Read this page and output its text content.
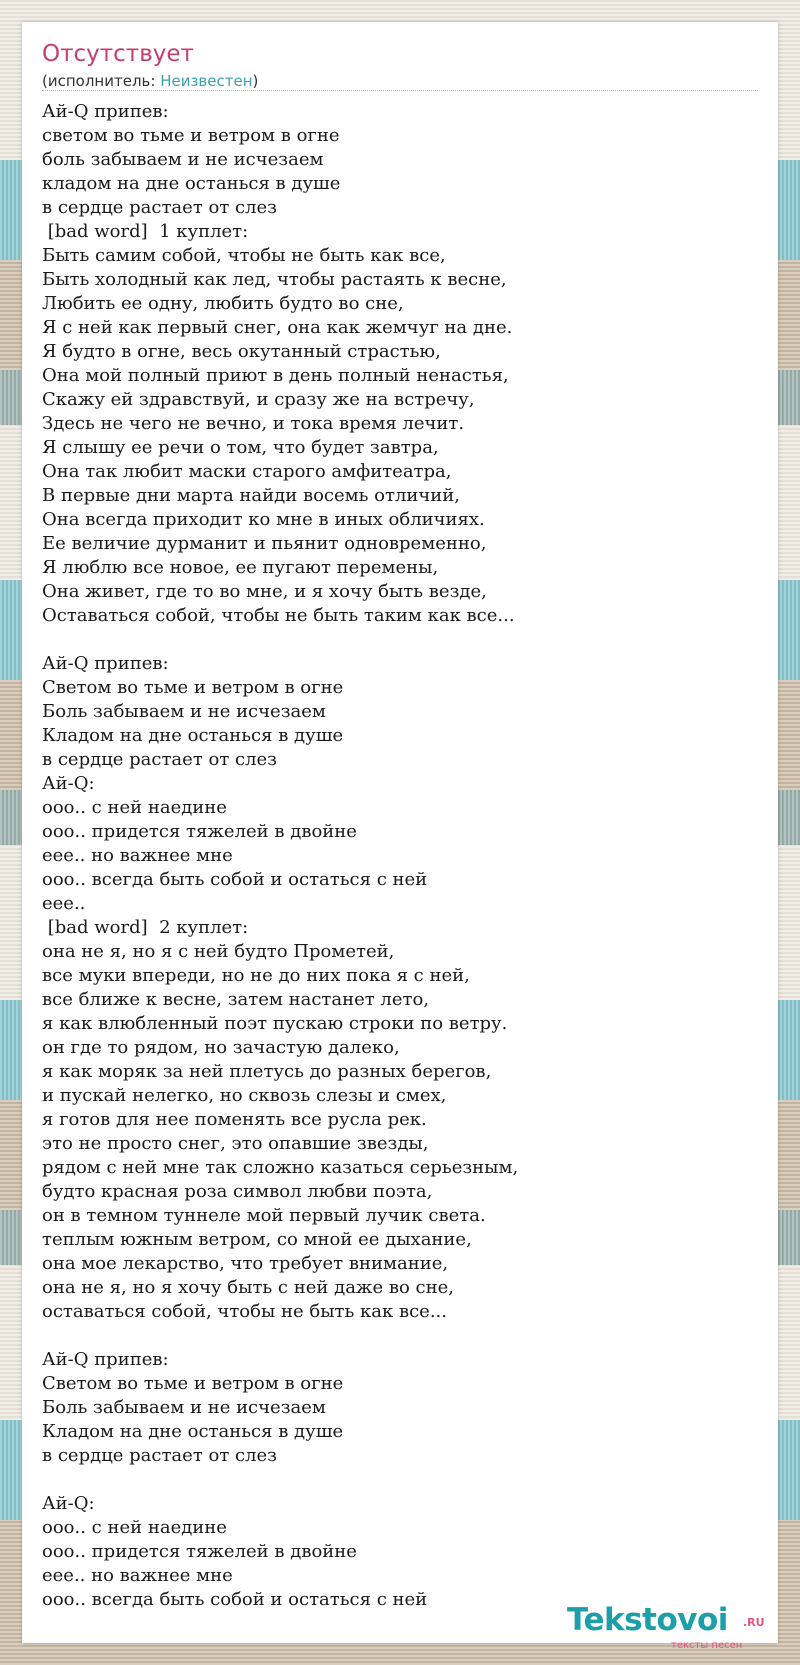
Отсутствует
(исполнитель: Неизвестен)
Ай-Q припев:
светом во тьме и ветром в огне
боль забываем и не исчезаем
кладом на дне останься в душе
в сердце растает от слез
[bad word]  1 куплет:
Быть самим собой, чтобы не быть как все,
Быть холодный как лед, чтобы растаять к весне,
Любить ее одну, любить будто во сне,
Я с ней как первый снег, она как жемчуг на дне.
Я будто в огне, весь окутанный страстью,
Она мой полный приют в день полный ненастья,
Скажу ей здравствуй, и сразу же на встречу,
Здесь не чего не вечно, и тока время лечит.
Я слышу ее речи о том, что будет завтра,
Она так любит маски старого амфитеатра,
В первые дни марта найди восемь отличий,
Она всегда приходит ко мне в иных обличиях.
Ее величие дурманит и пьянит одновременно,
Я люблю все новое, ее пугают перемены,
Она живет, где то во мне, и я хочу быть везде,
Оставаться собой, чтобы не быть таким как все...

Ай-Q припев:
Светом во тьме и ветром в огне
Боль забываем и не исчезаем
Кладом на дне останься в душе
в сердце растает от слез
Ай-Q:
ооо.. с ней наедине
ооо.. придется тяжелей в двойне
еее.. но важнее мне
ооо.. всегда быть собой и остаться с ней
еее..
[bad word]  2 куплет:
она не я, но я с ней будто Прометей,
все муки впереди, но не до них пока я с ней,
все ближе к весне, затем настанет лето,
я как влюбленный поэт пускаю строки по ветру.
он где то рядом, но зачастую далеко,
я как моряк за ней плетусь до разных берегов,
и пускай нелегко, но сквозь слезы и смех,
я готов для нее поменять все русла рек.
это не просто снег, это опавшие звезды,
рядом с ней мне так сложно казаться серьезным,
будто красная роза символ любви поэта,
он в темном туннеле мой первый лучик света.
теплым южным ветром, со мной ее дыхание,
она мое лекарство, что требует внимание,
она не я, но я хочу быть с ней даже во сне,
оставаться собой, чтобы не быть как все...

Ай-Q припев:
Светом во тьме и ветром в огне
Боль забываем и не исчезаем
Кладом на дне останься в душе
в сердце растает от слез

Ай-Q:
ооо.. с ней наедине
ооо.. придется тяжелей в двойне
еее.. но важнее мне
ооо.. всегда быть собой и остаться с ней
Tekstovoi .RU
тексты песен
